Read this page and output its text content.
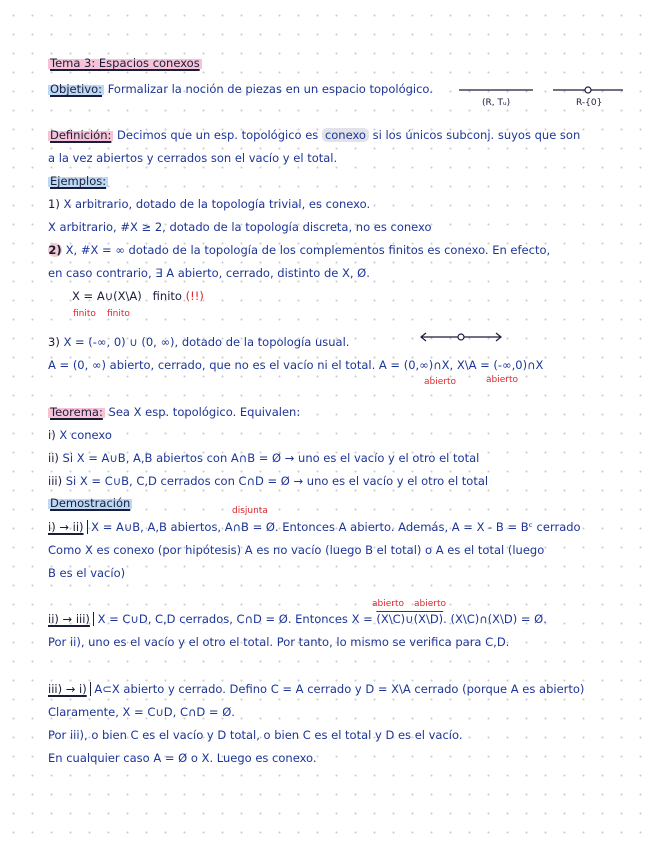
Tema 3: Espacios conexos
Objetivo: Formalizar la noción de piezas en un espacio topológico.
(R, Tᵤ)	R-{0}
Definición: Decimos que un esp. topológico es conexo si los únicos subconj. suyos que son
a la vez abiertos y cerrados son el vacío y el total.
Ejemplos:
1) X arbitrario, dotado de la topología trivial, es conexo.
X arbitrario, #X ≥ 2, dotado de la topología discreta, no es conexo
2) X, #X = ∞ dotado de la topología de los complementos finitos es conexo. En efecto,
en caso contrario, ∃ A abierto, cerrado, distinto de X, Ø.
X = A∪(X\A) finito (!!)
finito finito
3) X = (-∞, 0) ∪ (0, ∞), dotado de la topología usual.
A = (0, ∞) abierto, cerrado, que no es el vacío ni el total. A = (0,∞)∩X, X\A = (-∞,0)∩X
abierto	abierto
Teorema: Sea X esp. topológico. Equivalen:
i) X conexo
ii) Si X = A∪B, A,B abiertos con A∩B = Ø → uno es el vacío y el otro el total
iii) Si X = C∪B, C,D cerrados con C∩D = Ø → uno es el vacío y el otro el total
Demostración
disjunta
i) → ii) X = A∪B, A,B abiertos, A∩B = Ø. Entonces A abierto. Además, A = X - B = Bᶜ cerrado
Como X es conexo (por hipótesis) A es no vacío (luego B el total) o A es el total (luego
B es el vacío)
abierto abierto
ii) → iii) X = C∪D, C,D cerrados, C∩D = Ø. Entonces X = (X\C)∪(X\D). (X\C)∩(X\D) = Ø.
Por ii), uno es el vacío y el otro el total. Por tanto, lo mismo se verifica para C,D.
iii) → i) A⊂X abierto y cerrado. Defino C = A cerrado y D = X\A cerrado (porque A es abierto)
Claramente, X = C∪D, C∩D = Ø.
Por iii), o bien C es el vacío y D total, o bien C es el total y D es el vacío.
En cualquier caso A = Ø o X. Luego es conexo.
